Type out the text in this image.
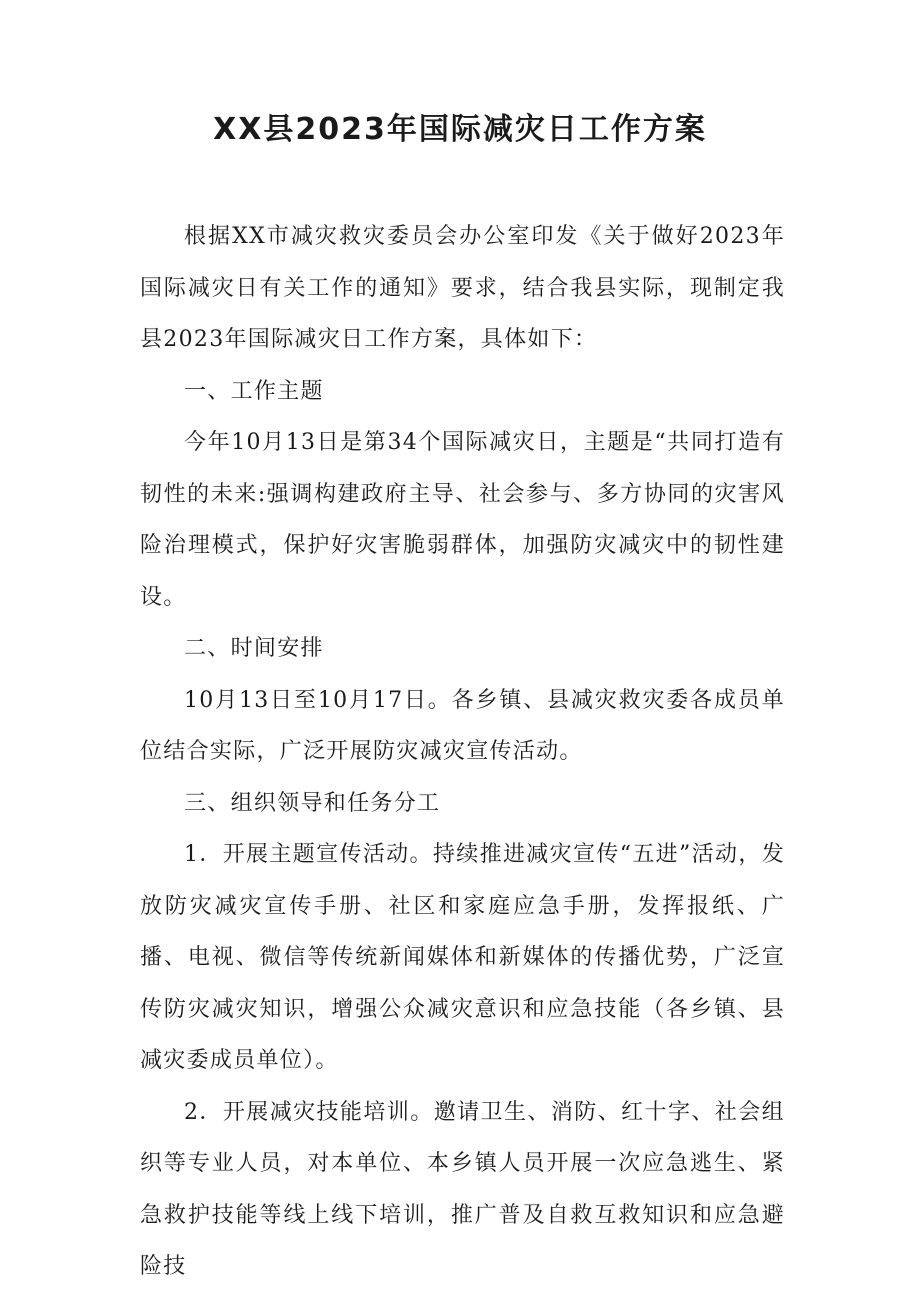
XX县2023年国际减灾日工作方案

根据XX市减灾救灾委员会办公室印发《关于做好2023年国际减灾日有关工作的通知》要求，结合我县实际，现制定我县2023年国际减灾日工作方案，具体如下：

一、工作主题

今年10月13日是第34个国际减灾日，主题是“共同打造有韧性的未来:强调构建政府主导、社会参与、多方协同的灾害风险治理模式，保护好灾害脆弱群体，加强防灾减灾中的韧性建设。

二、时间安排

10月13日至10月17日。各乡镇、县减灾救灾委各成员单位结合实际，广泛开展防灾减灾宣传活动。

三、组织领导和任务分工

1．开展主题宣传活动。持续推进减灾宣传“五进”活动，发放防灾减灾宣传手册、社区和家庭应急手册，发挥报纸、广播、电视、微信等传统新闻媒体和新媒体的传播优势，广泛宣传防灾减灾知识，增强公众减灾意识和应急技能（各乡镇、县减灾委成员单位）。

2．开展减灾技能培训。邀请卫生、消防、红十字、社会组织等专业人员，对本单位、本乡镇人员开展一次应急逃生、紧急救护技能等线上线下培训，推广普及自救互救知识和应急避险技
